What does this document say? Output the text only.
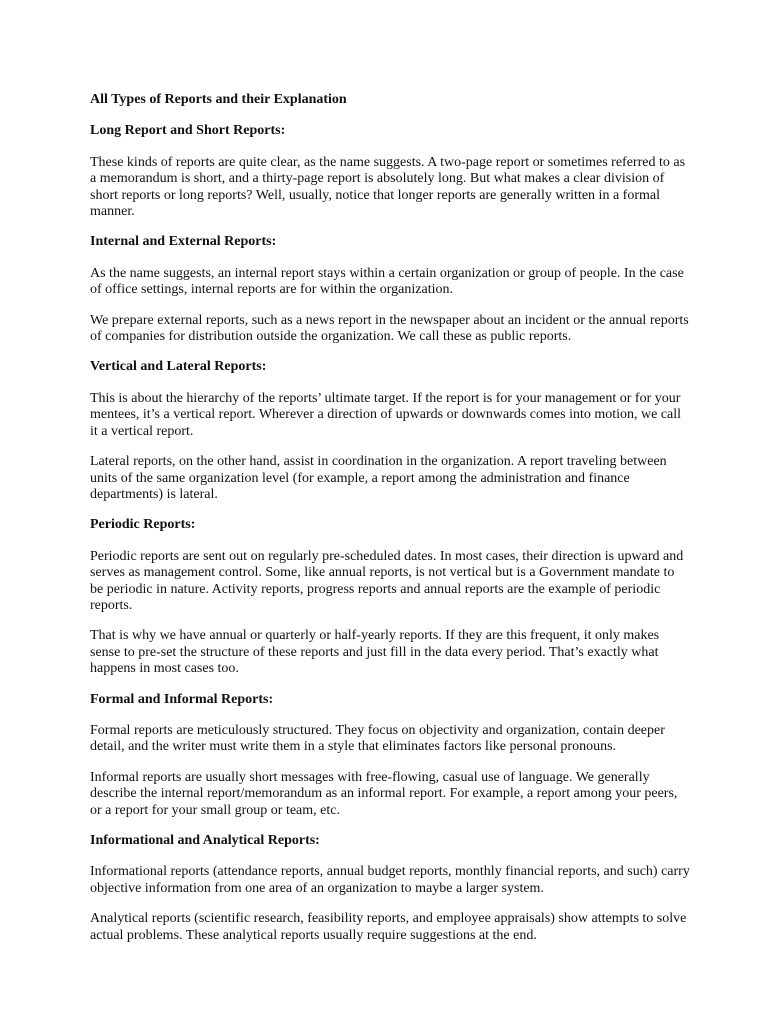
All Types of Reports and their Explanation
Long Report and Short Reports:

These kinds of reports are quite clear, as the name suggests. A two-page report or sometimes referred to as a memorandum is short, and a thirty-page report is absolutely long. But what makes a clear division of short reports or long reports? Well, usually, notice that longer reports are generally written in a formal manner.

Internal and External Reports:

As the name suggests, an internal report stays within a certain organization or group of people. In the case of office settings, internal reports are for within the organization.

We prepare external reports, such as a news report in the newspaper about an incident or the annual reports of companies for distribution outside the organization. We call these as public reports.

Vertical and Lateral Reports:

This is about the hierarchy of the reports’ ultimate target. If the report is for your management or for your mentees, it’s a vertical report. Wherever a direction of upwards or downwards comes into motion, we call it a vertical report.

Lateral reports, on the other hand, assist in coordination in the organization. A report traveling between units of the same organization level (for example, a report among the administration and finance departments) is lateral.

Periodic Reports:

Periodic reports are sent out on regularly pre-scheduled dates. In most cases, their direction is upward and serves as management control. Some, like annual reports, is not vertical but is a Government mandate to be periodic in nature. Activity reports, progress reports and annual reports are the example of periodic reports.

That is why we have annual or quarterly or half-yearly reports. If they are this frequent, it only makes sense to pre-set the structure of these reports and just fill in the data every period. That’s exactly what happens in most cases too.

Formal and Informal Reports:

Formal reports are meticulously structured. They focus on objectivity and organization, contain deeper detail, and the writer must write them in a style that eliminates factors like personal pronouns.

Informal reports are usually short messages with free-flowing, casual use of language. We generally describe the internal report/memorandum as an informal report. For example, a report among your peers, or a report for your small group or team, etc.

Informational and Analytical Reports:

Informational reports (attendance reports, annual budget reports, monthly financial reports, and such) carry objective information from one area of an organization to maybe a larger system.

Analytical reports (scientific research, feasibility reports, and employee appraisals) show attempts to solve actual problems. These analytical reports usually require suggestions at the end.
